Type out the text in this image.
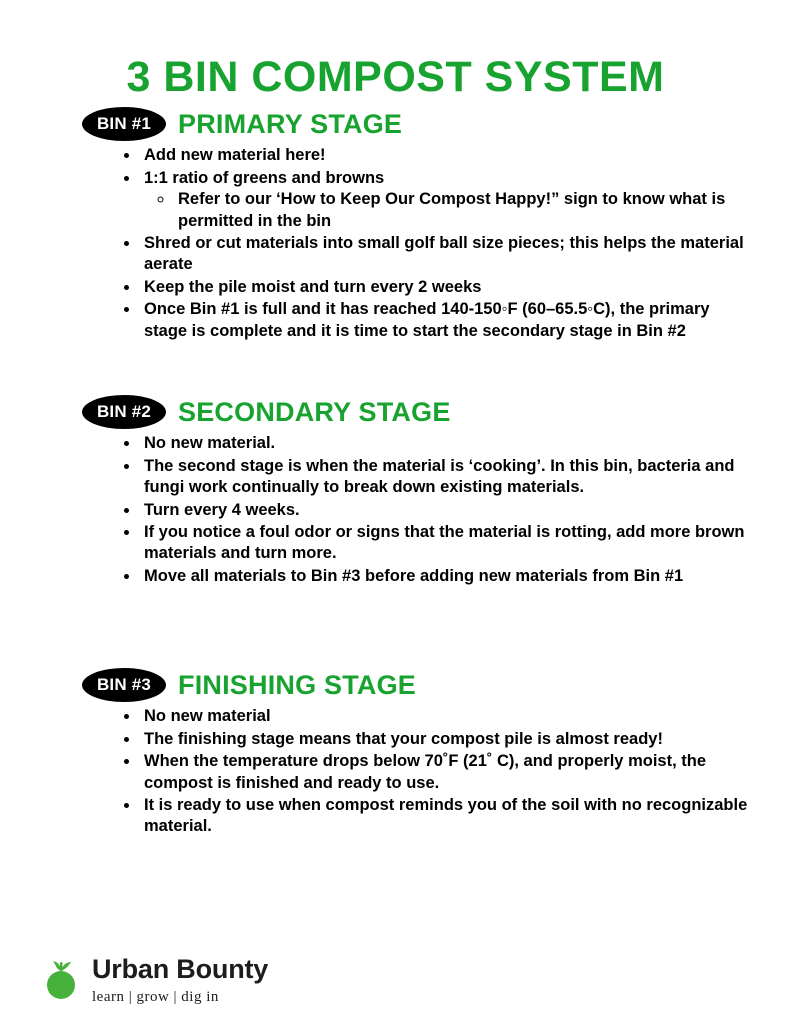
3 BIN COMPOST SYSTEM
BIN #1 PRIMARY STAGE
• Add new material here!
• 1:1 ratio of greens and browns
◦ Refer to our ‘How to Keep Our Compost Happy!” sign to know what is permitted in the bin
• Shred or cut materials into small golf ball size pieces; this helps the material aerate
• Keep the pile moist and turn every 2 weeks
• Once Bin #1 is full and it has reached 140-150◦F (60–65.5◦C), the primary stage is complete and it is time to start the secondary stage in Bin #2
BIN #2 SECONDARY STAGE
• No new material.
• The second stage is when the material is ‘cooking’. In this bin, bacteria and fungi work continually to break down existing materials.
• Turn every 4 weeks.
• If you notice a foul odor or signs that the material is rotting, add more brown materials and turn more.
• Move all materials to Bin #3 before adding new materials from Bin #1
BIN #3 FINISHING STAGE
• No new material
• The finishing stage means that your compost pile is almost ready!
• When the temperature drops below 70˚F (21˚ C), and properly moist, the compost is finished and ready to use.
• It is ready to use when compost reminds you of the soil with no recognizable material.
Urban Bounty
learn | grow | dig in
